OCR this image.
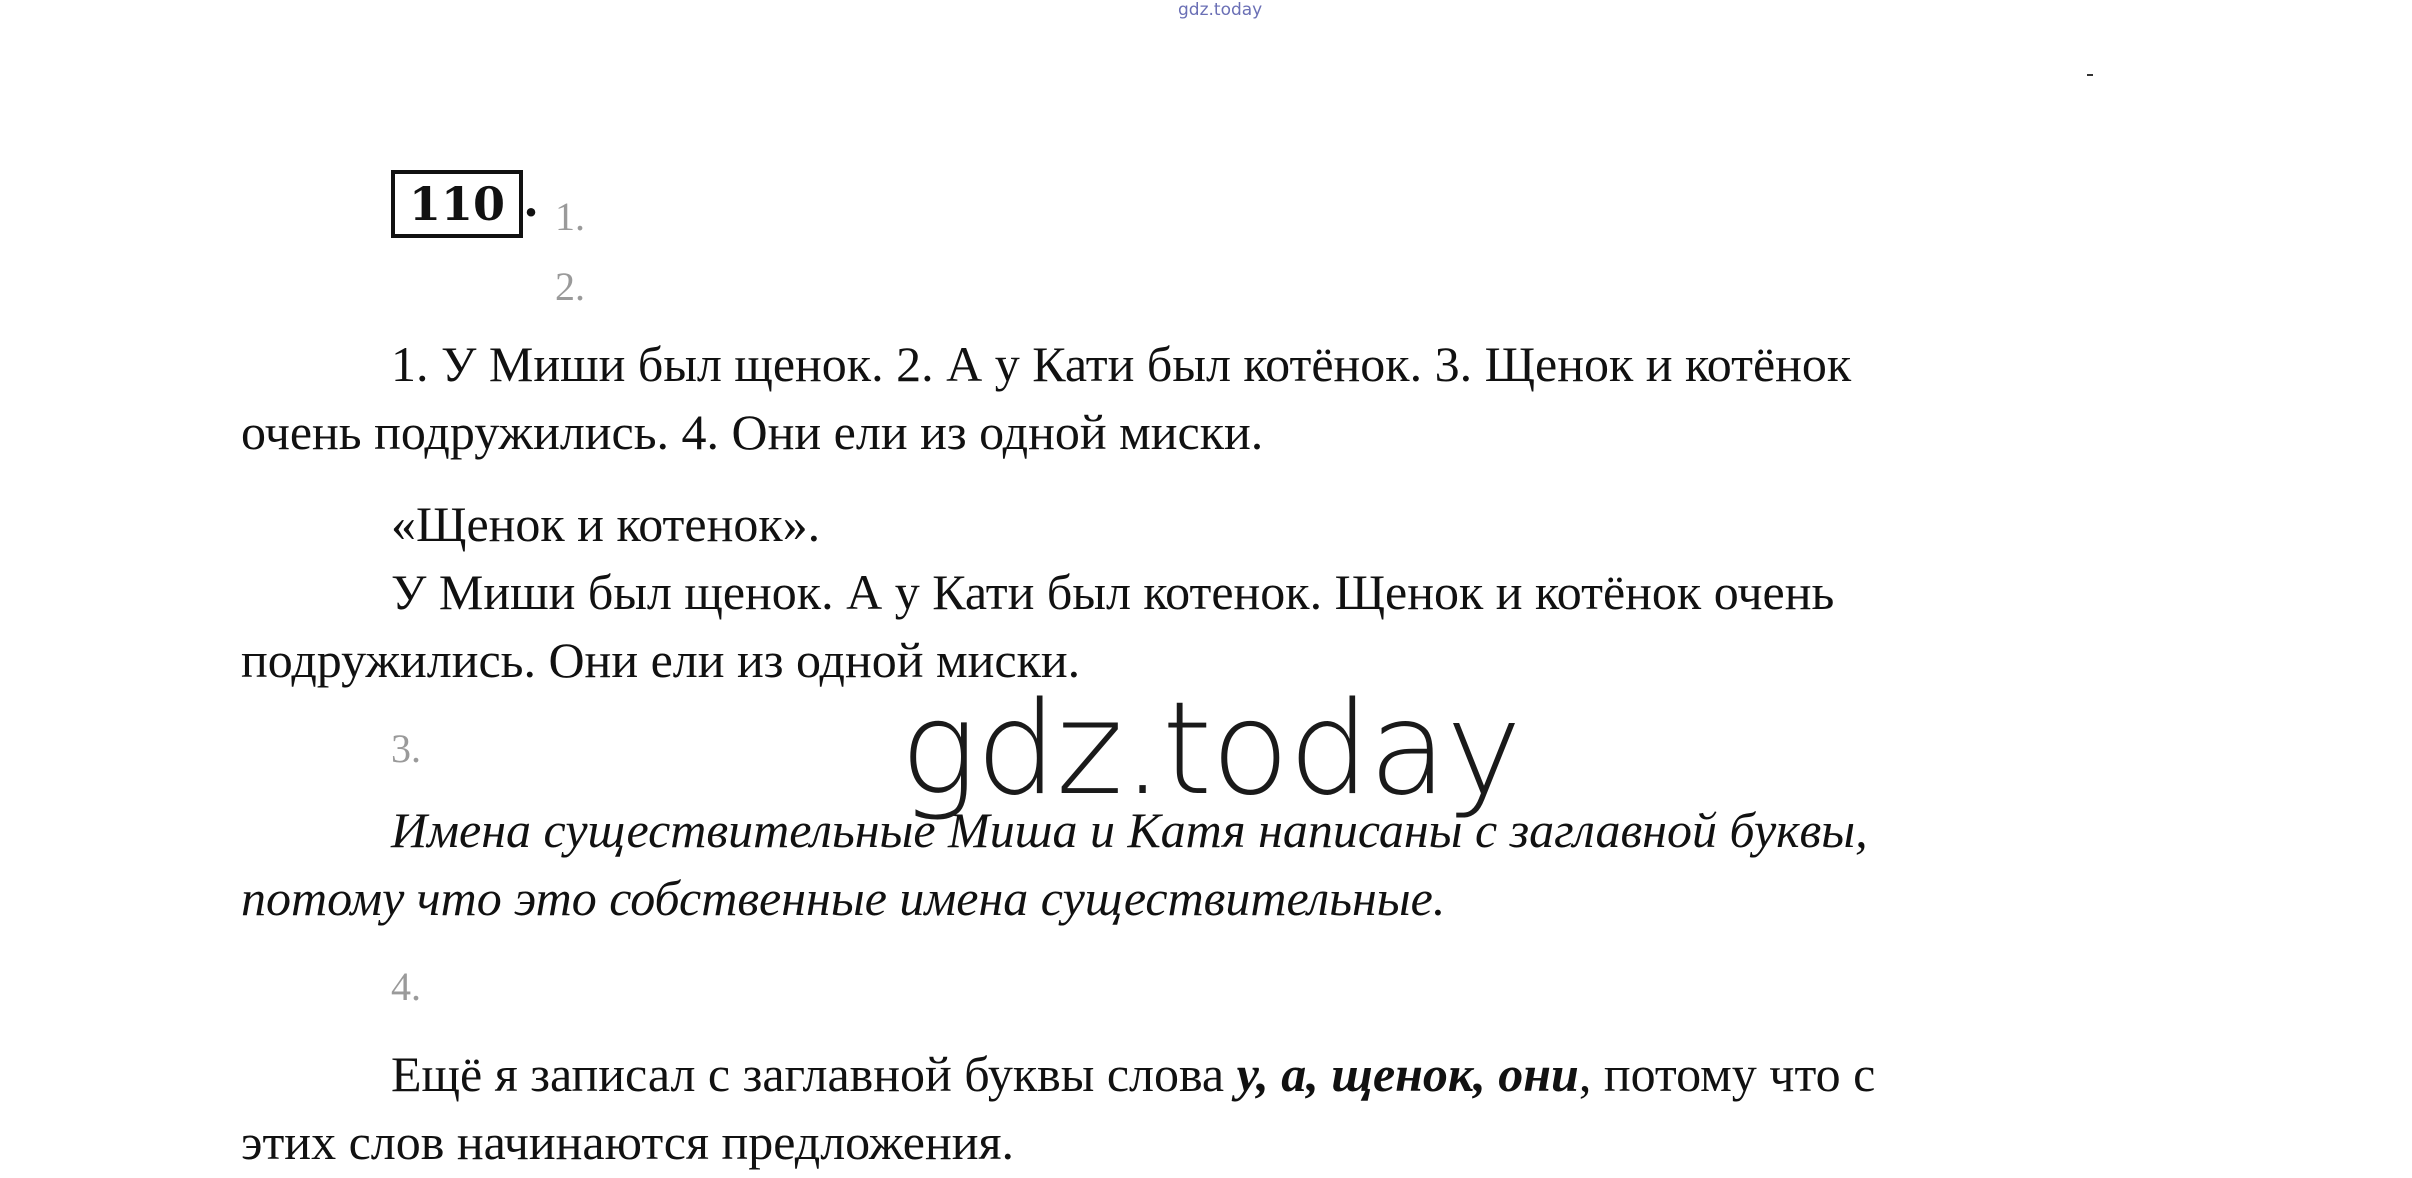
gdz.today
110 . 1.
2.
1. У Миши был щенок. 2. А у Кати был котёнок. 3. Щенок и котёнок
очень подружились. 4. Они ели из одной миски.
«Щенок и котенок».
У Миши был щенок. А у Кати был котенок. Щенок и котёнок очень
подружились. Они ели из одной миски.
3.
Имена существительные Миша и Катя написаны с заглавной буквы,
потому что это собственные имена существительные.
4.
Ещё я записал с заглавной буквы слова у, а, щенок, они, потому что с
этих слов начинаются предложения.
gdz.today
